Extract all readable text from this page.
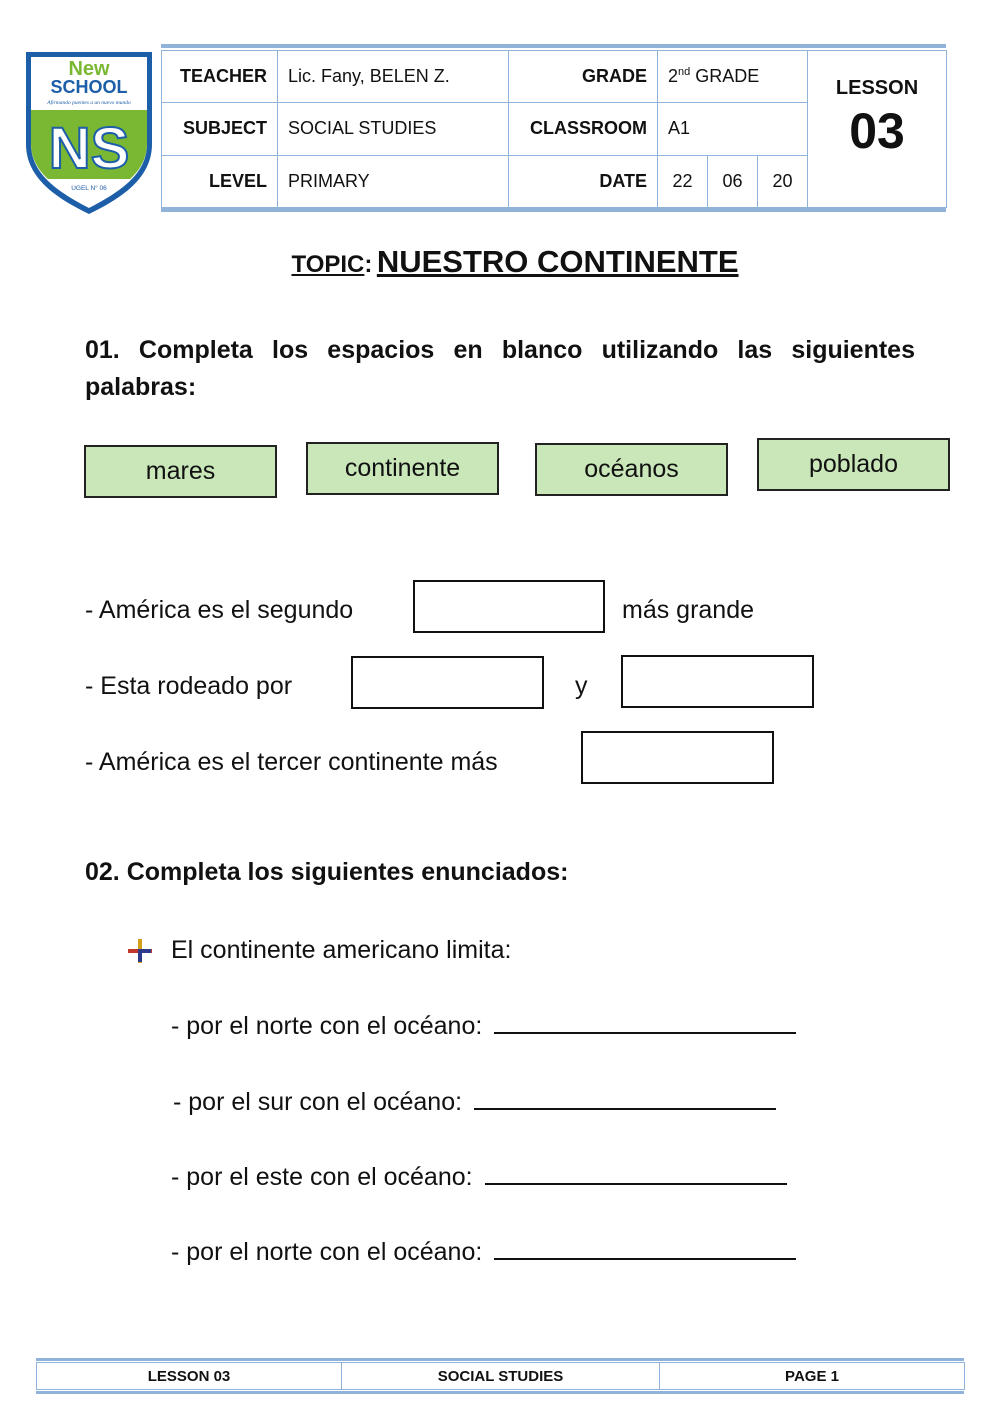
New
SCHOOL
Afirmando puentes a un nuevo mundo
NS
UGEL N° 06
TEACHER	Lic. Fany, BELEN Z.	GRADE	2nd GRADE			LESSON
03

SUBJECT	SOCIAL STUDIES	CLASSROOM	A1			
LEVEL	PRIMARY	DATE	22	06	20	
TOPIC: NUESTRO CONTINENTE
01. Completa los espacios en blanco utilizando las siguientes palabras:
mares	continente	océanos	poblado
- América es el segundo	más grande
- Esta rodeado por	y
- América es el tercer continente más
02. Completa los siguientes enunciados:
El continente americano limita:
- por el norte con el océano:
- por el sur con el océano:
- por el este con el océano:
- por el norte con el océano:
LESSON 03	SOCIAL STUDIES	PAGE 1
